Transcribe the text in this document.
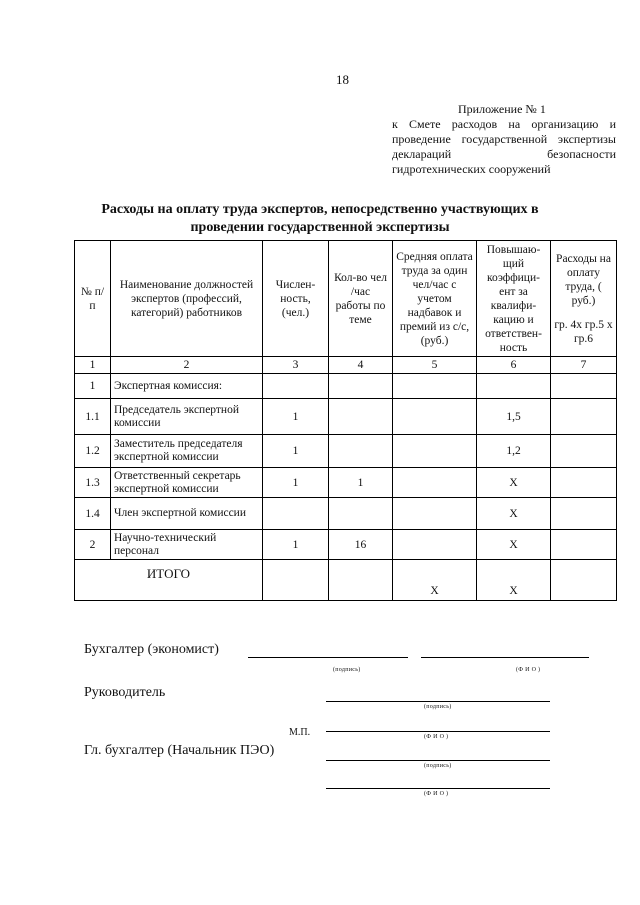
18
Приложение № 1
к Смете расходов на организацию и
проведение государственной экспертизы
деклараций безопасности
гидротехнических сооружений
Расходы на оплату труда экспертов, непосредственно участвующих в
проведении государственной экспертизы
№ п/п	Наименование должностей экспертов (профессий, категорий) работников	Числен-ность, (чел.)	Кол-во чел /час работы по теме	Средняя оплата труда за один чел/час с учетом надбавок и премий из с/с, (руб.)	Повышаю-щий коэффици-ент за квалифи-кацию и ответствен-ность	Расходы на оплату труда, ( руб.)
гр. 4х гр.5 х гр.6

1	2	3	4	5	6	7
1	Экспертная комиссия:					
1.1	Председатель экспертной комиссии	1			1,5	
1.2	Заместитель председателя экспертной комиссии	1			1,2	
1.3	Ответственный секретарь экспертной комиссии	1	1		Х	
1.4	Член экспертной комиссии				Х	
2	Научно-технический персонал	1	16		Х	
ИТОГО				Х	Х	
Бухгалтер (экономист)
(подпись)	(Ф И О )
Руководитель
(подпись)
М.П.	(Ф И О )
Гл. бухгалтер (Начальник ПЭО)
(подпись)
(Ф И О )
